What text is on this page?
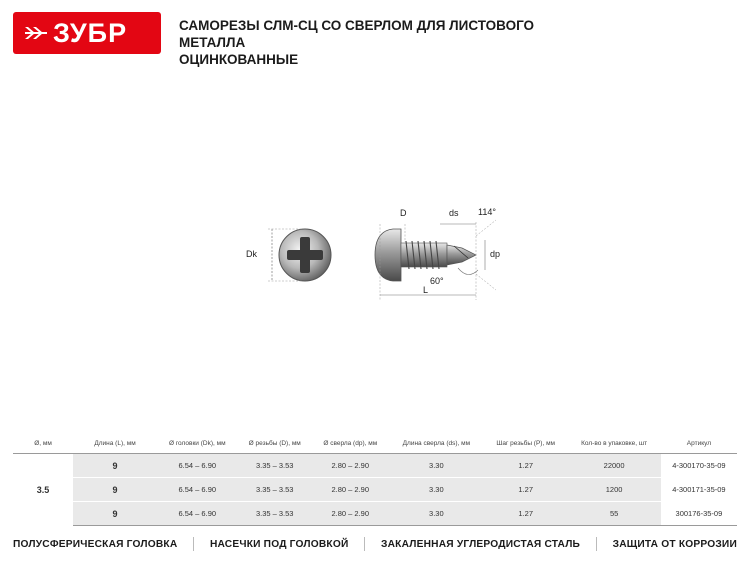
ЗУБР	САМОРЕЗЫ СЛМ-СЦ СО СВЕРЛОМ ДЛЯ ЛИСТОВОГО МЕТАЛЛА
ОЦИНКОВАННЫЕ
Dk
D	ds 114°
dp
60°
L
Ø, мм	Длина (L), мм	Ø головки (Dk), мм	Ø резьбы (D), мм	Ø сверла (dp), мм	Длина сверла (ds), мм	Шаг резьбы (P), мм	Кол-во в упаковке, шт	Артикул
3.5	9	6.54 – 6.90	3.35 – 3.53	2.80 – 2.90	3.30	1.27	22000	4-300170-35-09
	9	6.54 – 6.90	3.35 – 3.53	2.80 – 2.90	3.30	1.27	1200	4-300171-35-09
	9	6.54 – 6.90	3.35 – 3.53	2.80 – 2.90	3.30	1.27	55	300176-35-09
ПОЛУСФЕРИЧЕСКАЯ ГОЛОВКА	НАСЕЧКИ ПОД ГОЛОВКОЙ	ЗАКАЛЕННАЯ УГЛЕРОДИСТАЯ СТАЛЬ	ЗАЩИТА ОТ КОРРОЗИИ
